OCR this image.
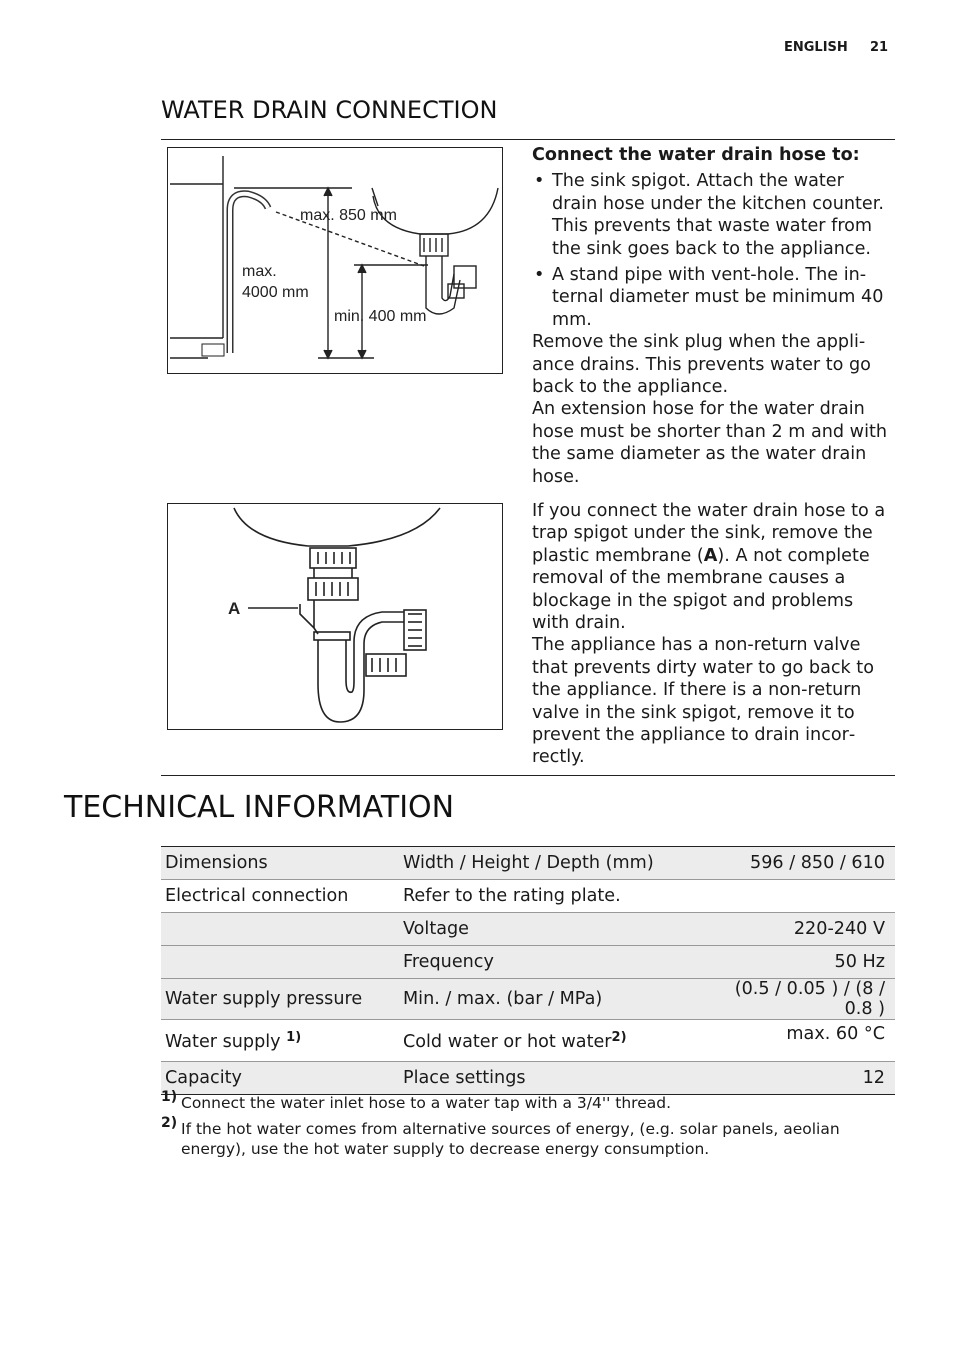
ENGLISH 21
WATER DRAIN CONNECTION
max. 850 mm
max.
4000 mm
min. 400 mm
A

Connect the water drain hose to:

• The sink spigot. Attach the water drain hose under the kitchen counter. This prevents that waste water from the sink goes back to the appliance.
• A stand pipe with vent-hole. The internal diameter must be minimum 40 mm.

Remove the sink plug when the appliance drains. This prevents water to go back to the appliance.

An extension hose for the water drain hose must be shorter than 2 m and with the same diameter as the water drain hose.

If you connect the water drain hose to a trap spigot under the sink, remove the plastic membrane (A). A not complete removal of the membrane causes a blockage in the spigot and problems with drain.

The appliance has a non-return valve that prevents dirty water to go back to the appliance. If there is a non-return valve in the sink spigot, remove it to prevent the appliance to drain incorrectly.

TECHNICAL INFORMATION
Dimensions	Width / Height / Depth (mm)	596 / 850 / 610
Electrical connection	Refer to the rating plate.	
	Voltage	220-240 V
	Frequency	50 Hz
Water supply pressure	Min. / max. (bar / MPa)	(0.5 / 0.05 ) / (8 / 0.8 )
Water supply $^{1)}$	Cold water or hot water$^{2)}$	max. 60 °C
Capacity	Place settings	12
1) Connect the water inlet hose to a water tap with a 3/4'' thread.
2) If the hot water comes from alternative sources of energy, (e.g. solar panels, aeolian energy), use the hot water supply to decrease energy consumption.
